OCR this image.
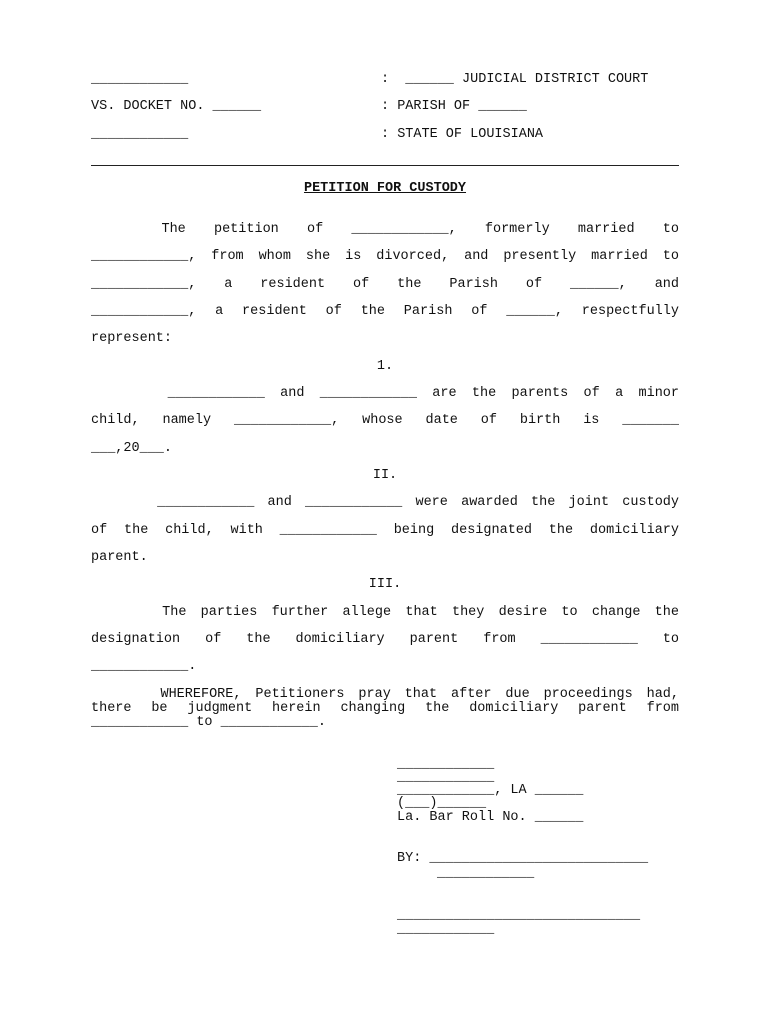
____________	:  ______ JUDICIAL DISTRICT COURT
VS. DOCKET NO. ______	: PARISH OF ______
____________	: STATE OF LOUISIANA
PETITION FOR CUSTODY
The  petition  of  ____________,  formerly  married  to
____________, from whom she is divorced, and presently married to
____________,  a  resident  of  the  Parish  of  ______,  and
____________, a resident of the Parish of ______, respectfully
represent:
1.
____________ and ____________ are the parents of a minor
child, namely ____________, whose date of birth is _______
___,20___.
II.
____________ and ____________ were awarded the joint custody
of the child, with ____________ being designated the domiciliary
parent.
III.
The parties further allege that they desire to change the
designation of the domiciliary parent from ____________ to
____________.
WHEREFORE, Petitioners pray that after due proceedings had,
there be judgment herein changing the domiciliary parent from
____________ to ____________.
____________
____________
____________, LA ______
(___)______
La. Bar Roll No. ______
BY: ___________________________
____________
______________________________
____________
